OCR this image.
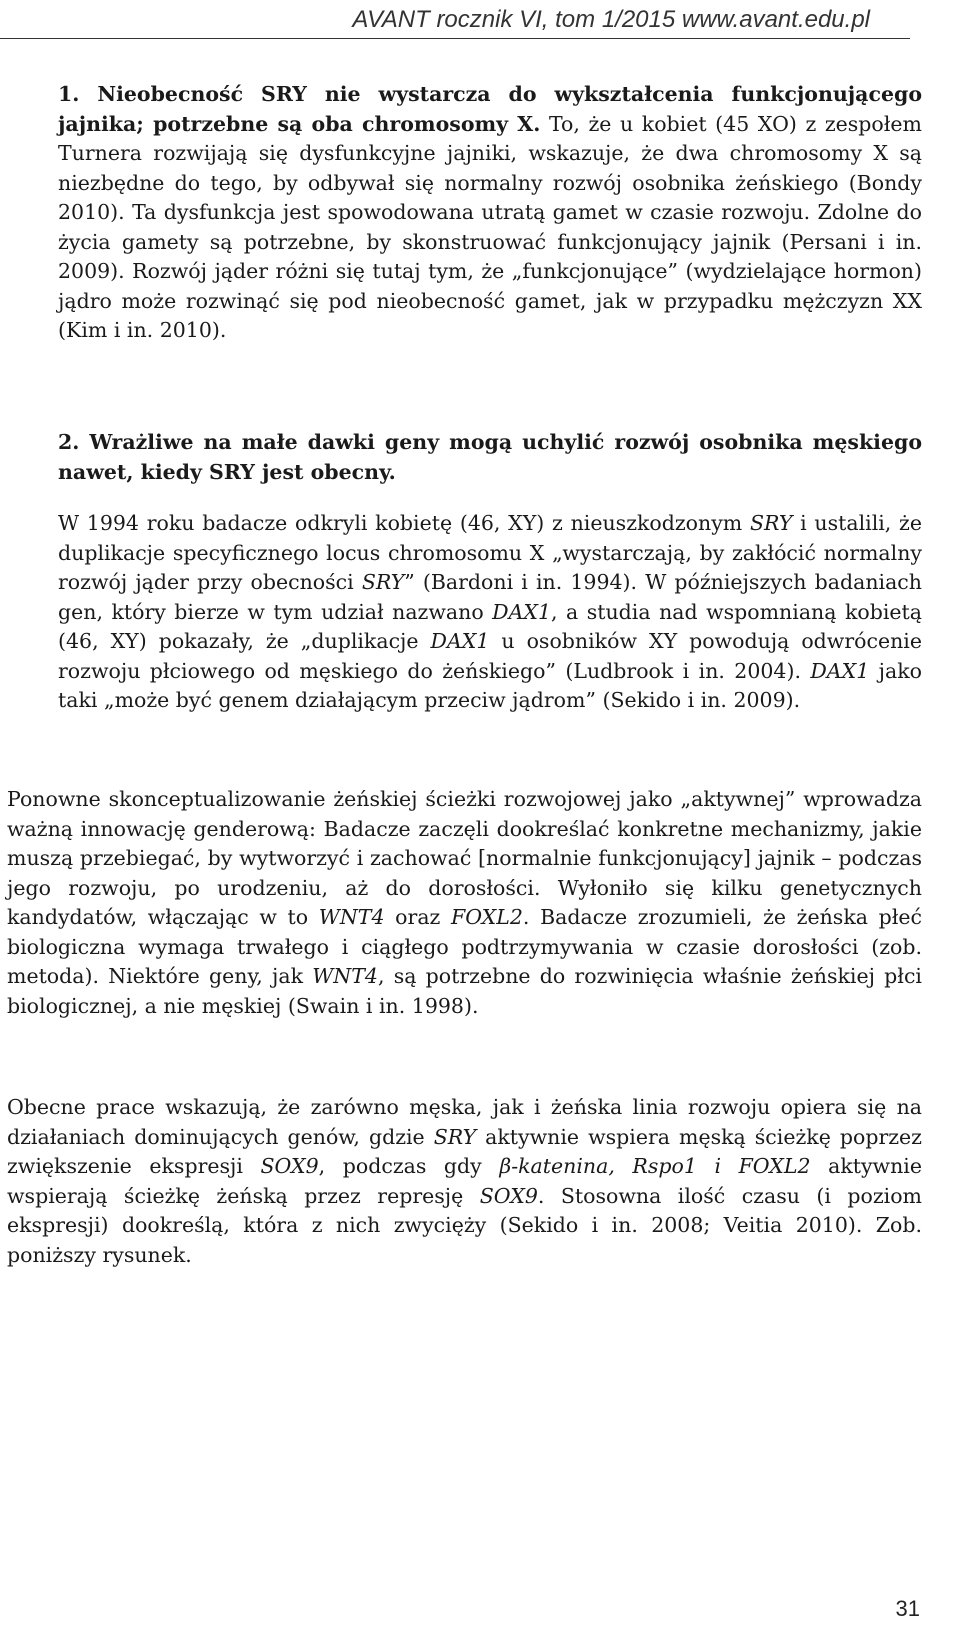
AVANT rocznik VI, tom 1/2015 www.avant.edu.pl
1. Nieobecność SRY nie wystarcza do wykształcenia funkcjonującego jajnika; potrzebne są oba chromosomy X. To, że u kobiet (45 XO) z zespołem Turnera rozwijają się dysfunkcyjne jajniki, wskazuje, że dwa chromosomy X są niezbędne do tego, by odbywał się normalny rozwój osobnika żeńskiego (Bondy 2010). Ta dysfunkcja jest spowodowana utratą gamet w czasie rozwoju. Zdolne do życia gamety są potrzebne, by skonstruować funkcjonujący jajnik (Persani i in. 2009). Rozwój jąder różni się tutaj tym, że „funkcjonujące” (wydzielające hormon) jądro może rozwinąć się pod nieobecność gamet, jak w przypadku mężczyzn XX (Kim i in. 2010).
2. Wrażliwe na małe dawki geny mogą uchylić rozwój osobnika męskiego nawet, kiedy SRY jest obecny.
W 1994 roku badacze odkryli kobietę (46, XY) z nieuszkodzonym SRY i ustalili, że duplikacje specyficznego locus chromosomu X „wystarczają, by zakłócić normalny rozwój jąder przy obecności SRY” (Bardoni i in. 1994). W późniejszych badaniach gen, który bierze w tym udział nazwano DAX1, a studia nad wspomnianą kobietą (46, XY) pokazały, że „duplikacje DAX1 u osobników XY powodują odwrócenie rozwoju płciowego od męskiego do żeńskiego” (Ludbrook i in. 2004). DAX1 jako taki „może być genem działającym przeciw jądrom” (Sekido i in. 2009).
Ponowne skonceptualizowanie żeńskiej ścieżki rozwojowej jako „aktywnej” wprowadza ważną innowację genderową: Badacze zaczęli dookreślać konkretne mechanizmy, jakie muszą przebiegać, by wytworzyć i zachować [normalnie funkcjonujący] jajnik – podczas jego rozwoju, po urodzeniu, aż do dorosłości. Wyłoniło się kilku genetycznych kandydatów, włączając w to WNT4 oraz FOXL2. Badacze zrozumieli, że żeńska płeć biologiczna wymaga trwałego i ciągłego podtrzymywania w czasie dorosłości (zob. metoda). Niektóre geny, jak WNT4, są potrzebne do rozwinięcia właśnie żeńskiej płci biologicznej, a nie męskiej (Swain i in. 1998).
Obecne prace wskazują, że zarówno męska, jak i żeńska linia rozwoju opiera się na działaniach dominujących genów, gdzie SRY aktywnie wspiera męską ścieżkę poprzez zwiększenie ekspresji SOX9, podczas gdy β-katenina, Rspo1 i FOXL2 aktywnie wspierają ścieżkę żeńską przez represję SOX9. Stosowna ilość czasu (i poziom ekspresji) dookreślą, która z nich zwycięży (Sekido i in. 2008; Veitia 2010). Zob. poniższy rysunek.
31
